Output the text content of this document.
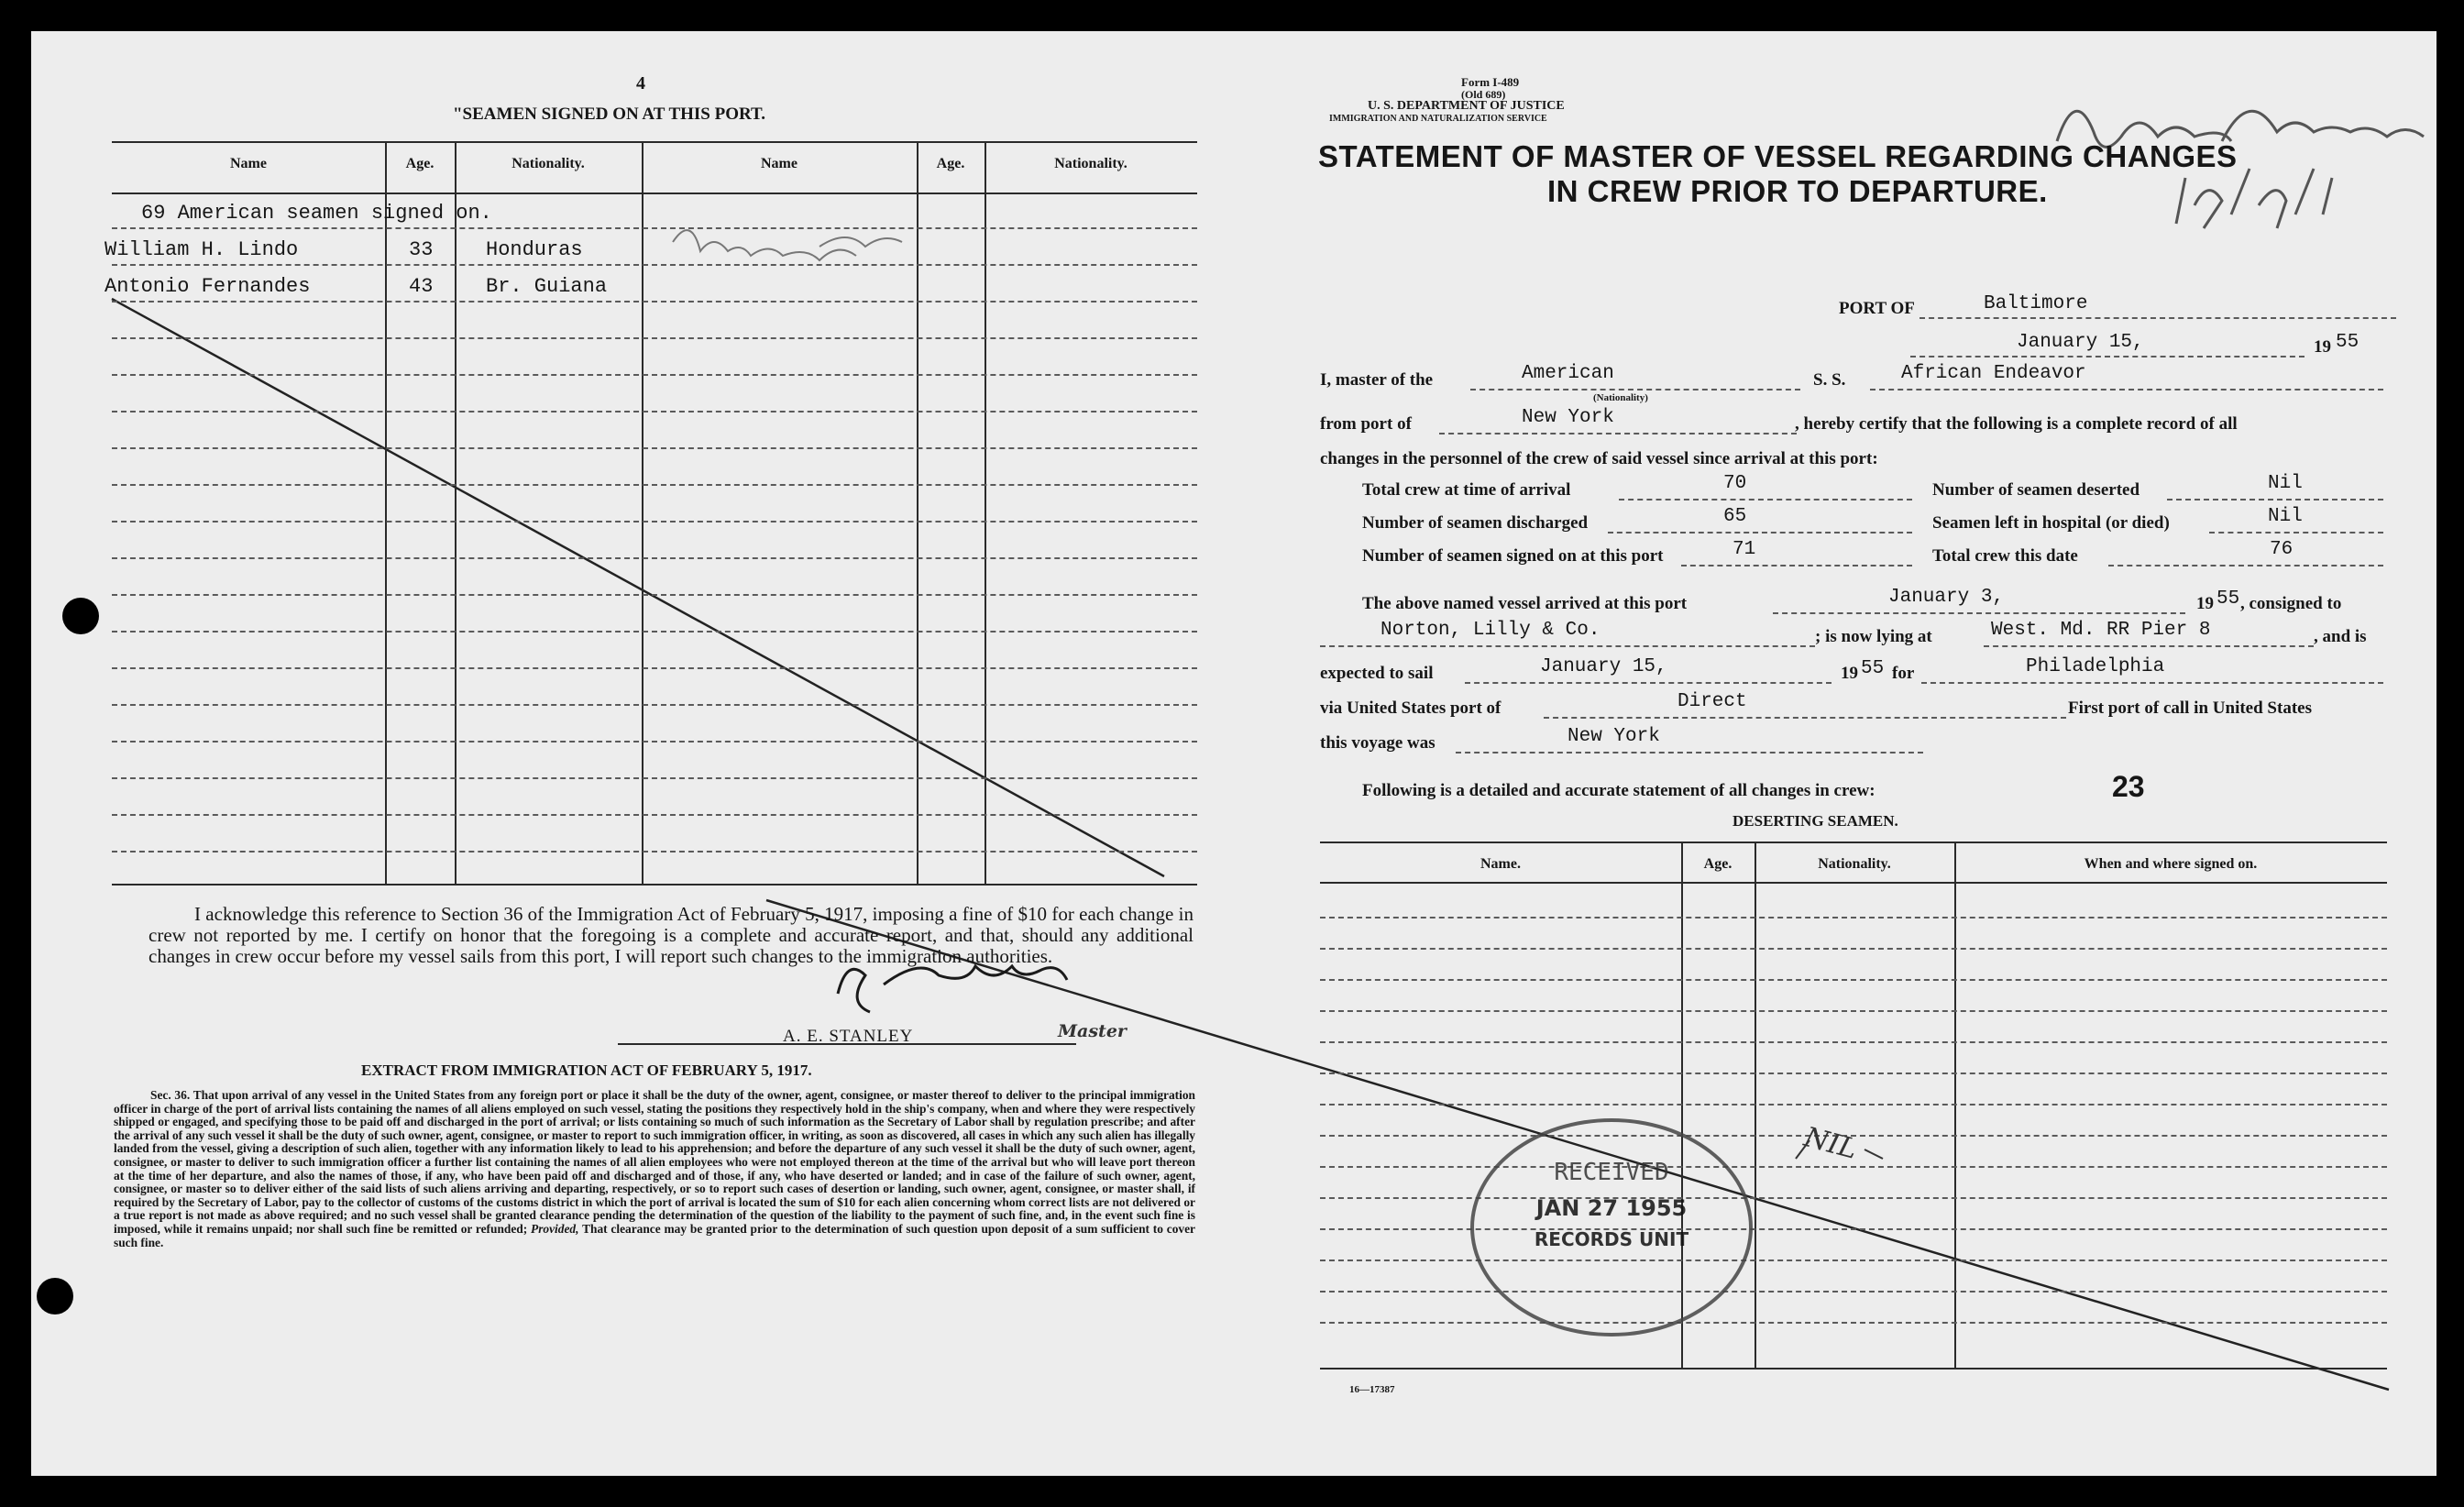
4
"SEAMEN SIGNED ON AT THIS PORT.
Name	Age.	Nationality.	Name	Age.	Nationality.
69 American seamen signed on.
William H. Lindo	33	Honduras
Antonio Fernandes	43	Br. Guiana
I acknowledge this reference to Section 36 of the Immigration Act of February 5, 1917, imposing a fine of $10 for each change in crew not reported by me. I certify on honor that the foregoing is a complete and accurate report, and that, should any additional changes in crew occur before my vessel sails from this port, I will report such changes to the immigration authorities.
A. E. STANLEY	Master
EXTRACT FROM IMMIGRATION ACT OF FEBRUARY 5, 1917.
Sec. 36. That upon arrival of any vessel in the United States from any foreign port or place it shall be the duty of the owner, agent, consignee, or master thereof to deliver to the principal immigration officer in charge of the port of arrival lists containing the names of all aliens employed on such vessel, stating the positions they respectively hold in the ship's company, when and where they were respectively shipped or engaged, and specifying those to be paid off and discharged in the port of arrival; or lists containing so much of such information as the Secretary of Labor shall by regulation prescribe; and after the arrival of any such vessel it shall be the duty of such owner, agent, consignee, or master to report to such immigration officer, in writing, as soon as discovered, all cases in which any such alien has illegally landed from the vessel, giving a description of such alien, together with any information likely to lead to his apprehension; and before the departure of any such vessel it shall be the duty of such owner, agent, consignee, or master to deliver to such immigration officer a further list containing the names of all alien employees who were not employed thereon at the time of the arrival but who will leave port thereon at the time of her departure, and also the names of those, if any, who have been paid off and discharged and of those, if any, who have deserted or landed; and in case of the failure of such owner, agent, consignee, or master so to deliver either of the said lists of such aliens arriving and departing, respectively, or so to report such cases of desertion or landing, such owner, agent, consignee, or master shall, if required by the Secretary of Labor, pay to the collector of customs of the customs district in which the port of arrival is located the sum of $10 for each alien concerning whom correct lists are not delivered or a true report is not made as above required; and no such vessel shall be granted clearance pending the determination of the question of the liability to the payment of such fine, and, in the event such fine is imposed, while it remains unpaid; nor shall such fine be remitted or refunded; Provided, That clearance may be granted prior to the determination of such question upon deposit of a sum sufficient to cover such fine.
Form I-489
(Old 689)
U. S. DEPARTMENT OF JUSTICE
IMMIGRATION AND NATURALIZATION SERVICE
STATEMENT OF MASTER OF VESSEL REGARDING CHANGES
IN CREW PRIOR TO DEPARTURE.
PORT OF	Baltimore
January 15,	19 55
I, master of the	American
(Nationality)
S. S.	African Endeavor
from port of	New York	, hereby certify that the following is a complete record of all
changes in the personnel of the crew of said vessel since arrival at this port:
Total crew at time of arrival	70	Number of seamen deserted	Nil
Number of seamen discharged	65	Seamen left in hospital (or died)	Nil
Number of seamen signed on at this port	71	Total crew this date	76
The above named vessel arrived at this port	January 3,	19 55 , consigned to
Norton, Lilly & Co.	; is now lying at	West. Md. RR Pier 8	, and is
expected to sail	January 15,	19 55 for	Philadelphia
via United States port of	Direct	First port of call in United States
this voyage was	New York
Following is a detailed and accurate statement of all changes in crew:	23
DESERTING SEAMEN.
Name.	Age.	Nationality.	When and where signed on.
NIL
RECEIVED
JAN 27 1955
RECORDS UNIT
16—17387
